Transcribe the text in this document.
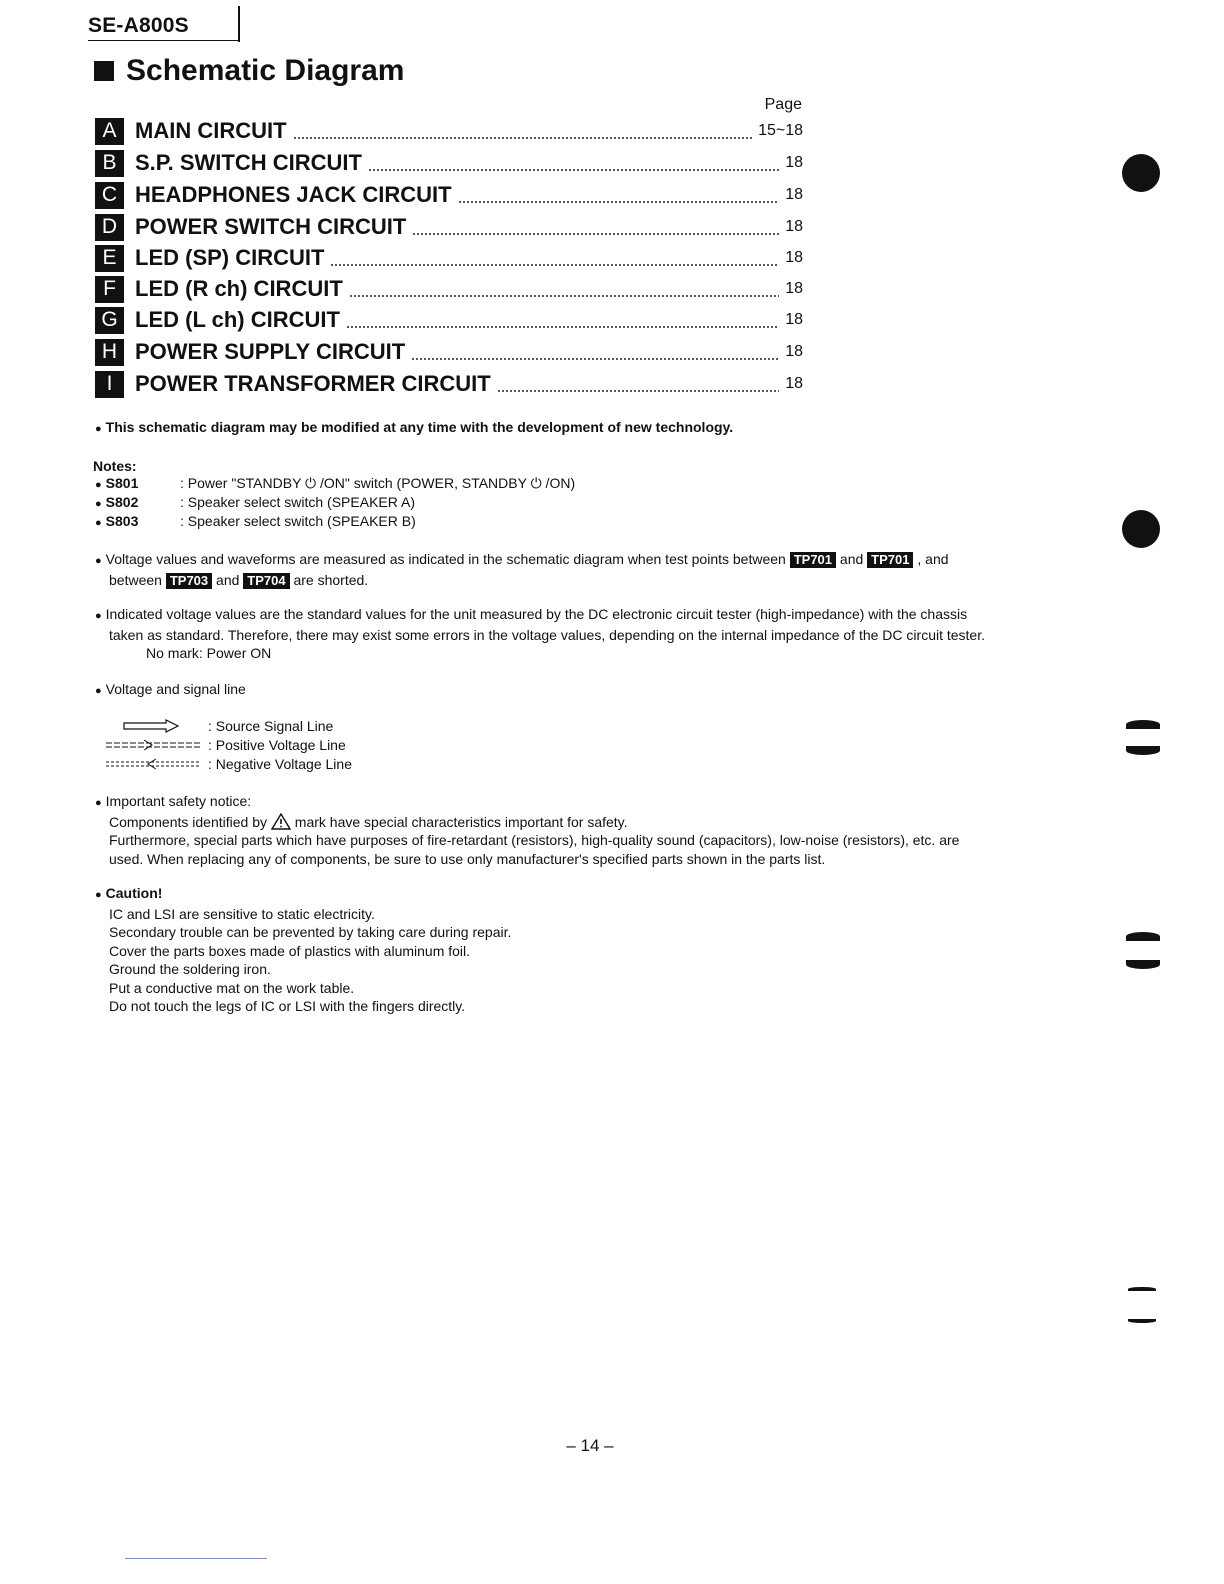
SE-A800S
Schematic Diagram
Page
A MAIN CIRCUIT	15~18
B S.P. SWITCH CIRCUIT	18
C HEADPHONES JACK CIRCUIT	18
D POWER SWITCH CIRCUIT	18
E LED (SP) CIRCUIT	18
F LED (R ch) CIRCUIT	18
G LED (L ch) CIRCUIT	18
H POWER SUPPLY CIRCUIT	18
I	POWER TRANSFORMER CIRCUIT	18
● This schematic diagram may be modified at any time with the development of new technology.
Notes:
● S801	: Power "STANDBY ⏻ /ON" switch (POWER, STANDBY ⏻ /ON)
● S802	: Speaker select switch (SPEAKER A)
● S803	: Speaker select switch (SPEAKER B)
● Voltage values and waveforms are measured as indicated in the schematic diagram when test points between TP701 and TP701 , and
between TP703 and TP704 are shorted.
● Indicated voltage values are the standard values for the unit measured by the DC electronic circuit tester (high-impedance) with the chassis
taken as standard. Therefore, there may exist some errors in the voltage values, depending on the internal impedance of the DC circuit tester.
No mark: Power ON
● Voltage and signal line
: Source Signal Line
: Positive Voltage Line
: Negative Voltage Line
● Important safety notice:
Components identified by mark have special characteristics important for safety.
Furthermore, special parts which have purposes of fire-retardant (resistors), high-quality sound (capacitors), low-noise (resistors), etc. are
used. When replacing any of components, be sure to use only manufacturer's specified parts shown in the parts list.
● Caution!
IC and LSI are sensitive to static electricity.
Secondary trouble can be prevented by taking care during repair.
Cover the parts boxes made of plastics with aluminum foil.
Ground the soldering iron.
Put a conductive mat on the work table.
Do not touch the legs of IC or LSI with the fingers directly.
– 14 –
